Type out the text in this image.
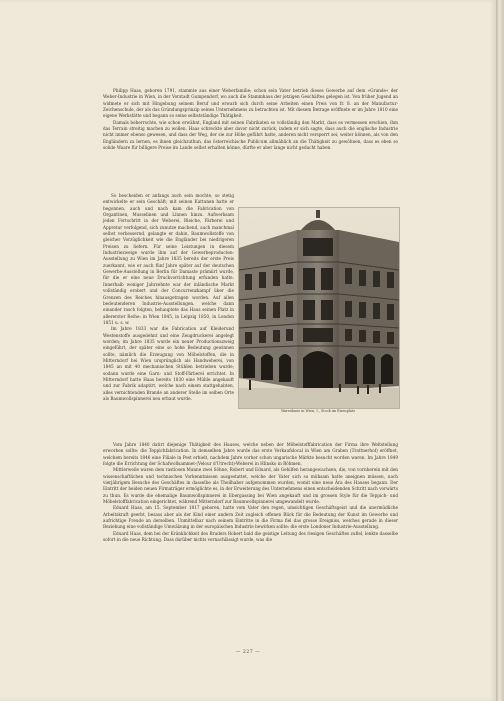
Philipp Haas, geboren 1791, stammte aus einer Weberfamilie; schon sein Vater betrieb dieses Gewerbe auf dem »Grunde« der Weber-Industrie in Wien, in der Vorstadt Gumpendorf, wo auch die Stammhaus der jetzigen Geschäftes gelegen ist. Von früher Jugend an widmete er sich mit Hingebung seinem Beruf und erwarb sich durch seine Arbeiten einen Preis von fr. 8. an der Manufactur-Zeichenschule, der als das Gründungsprinzip seines Unternehmens zu betrachten ist. Mit diesem Betrage eröffnete er im Jahre 1810 eine eigene Werkstätte und begann so seine selbstständige Thätigkeit.

Damals beherrschte, wie schon erwähnt, England mit seinen Fabrikaten so vollständig den Markt, dass es vermessen erschien, ihm das Terrain streitig machen zu wollen. Haas schreckte aber davor nicht zurück, indem er sich sagte, dass auch die englische Industrie nicht immer ebenso gewesen, und dass der Weg, der sie zur Höhe geführt hatte, anderen nicht versperrt sei; weiter können, als von den Engländern zu lernen, es ihnen gleichzuthun, das österreichische Publicum allmählich an die Thätigkeit zu gewöhnen, dass es eben so solide Waare für billigere Preise im Lande selbst erhalten könne, dürfte er aber lange nicht gedacht haben.

So bescheiden er anfangs auch sein mochte, so stetig entwickelte er sein Geschäft; mit seinen Kattunen hatte er begonnen, auch und nach kam die Fabrication von Organtinen, Musselinen und Linnen hinzu. Aufwerksam jeden Fortschritt in der Weberei, Bleiche, Färberei und Appretur verfolgend, sich zunutze machend, auch manchmal selbst verbessernd, gelangte er dahin, Baumwollstoffe von gleicher Vorzüglichkeit wie die Engländer bei niedrigeren Preisen zu liefern. Für seine Leistungen in diesem Industriezweige wurde ihm auf der Gewerbeproducten-Ausstellung zu Wien im Jahre 1835 bereits der erste Preis zuerkannt, wie er auch fünf Jahre später auf der deutschen Gewerbe-Ausstellung in Berlin für Damaste prämiirt wurde, für die er eine neue Druckvorrichtung erfunden hatte. Innerhalb weniger Jahrzehnte war der inländische Markt vollständig erobert und der Concurrenzkampf über die Grenzen des Reiches hinausgetragen worden. Auf allen bedeutenderen Industrie-Ausstellungen, welche dann einander rasch folgten, behauptete das Haus seinen Platz in allererster Reihe: in Wien 1845, in Leipzig 1850, in London 1851 u. s. w.

Im Jahre 1833 war die Fabrication auf Kleiderund Westenstoffe ausgedehnt und eine Zeugdruckerei angelegt worden; im Jahre 1835 wurde ein neuer Productionszweig eingeführt, der später eine so hohe Bedeutung gewinnen sollte, nämlich die Erzeugung von Möbelstoffen, die in Mitterndorf bei Wien ursprünglich als Handweberei, von 1845 an mit 40 mechanischen Stühlen betrieben wurde; sodann wurde eine Garn- und Stoff-Färberei errichtet. In Mitterndorf hatte Haas bereits 1830 eine Mühle angekauft und zur Fabrik adaptirt, welche nach einem stattgehabten, alles vernichtenden Brande an anderer Stelle im selben Orte als Baumwollspinnerei neu erbaut wurde.

Warenhaus in Wien, I., Stock im Eisenplatz

Vom Jahre 1840 datirt diejenige Thätigkeit des Hauses, welche neben der Möbelstofffabrication der Firma ihre Weltstellung erworben sollte: die Teppichfabrication. In demselben Jahre wurde das erste Verkaufslocal in Wien am Graben (Trattnerhof) eröffnet, welchem bereits 1846 eine Filiale in Pest erhielt, nachdem Jahre vorher schon ungarische Märkte besucht worden waren. Im Jahre 1849 folgte die Errichtung der Schafwollsammet-(Velour d'Utrecht)-Weberei in Hlinsko in Böhmen.

Mittlerweile waren dem rastlosen Manne zwei Söhne, Robert und Eduard, als Gehilfen herangewachsen, die, von vornherein mit den wissenschaftlichen und technischen Vorkenntnissen ausgestattet, welche der Vater sich so mühsam hatte aneignen müssen, nach vierjährigem Besuche des Geschäftes in dasselbe als Theilhaber aufgenommen wurden, womit eine neue Ära des Hauses begann. Der Eintritt der beiden neuen Firmaträger ermöglichte es, in der Erweiterung des Unternehmens einen entscheidenden Schritt nach vorwärts zu thun. Es wurde die ehemalige Baumwollspinnerei in Ebergassing bei Wien angekauft und im grossen Style für die Teppich- und Möbelstofffabrication eingerichtet, während Mitterndorf zur Baumwollspinnerei umgewandelt wurde.

Eduard Haas, am 15. September 1817 geboren, hatte vom Vater den regen, umsichtigen Geschäftsgeist und die unermüdliche Arbeitskraft geerbt, besass aber als der Kind einer andern Zeit zugleich offenen Blick für die Bedeutung der Kunst im Gewerbe und aufrichtige Freude an derselben. Unmittelbar nach seinem Eintritte in die Firma fiel das grosse Ereigniss, welches gerade in dieser Beziehung eine vollständige Umwälzung in der europäischen Industrie bewirken sollte: die erste Londoner Industrie-Ausstellung.

Eduard Haas, dem bei der Kränklichkeit des Bruders Robert bald die geistige Leitung des riesigen Geschäftes zufiel, lenkte dasselbe sofort in die neue Richtung. Dass darüber nichts vernachlässigt wurde, was die

— 227 —
